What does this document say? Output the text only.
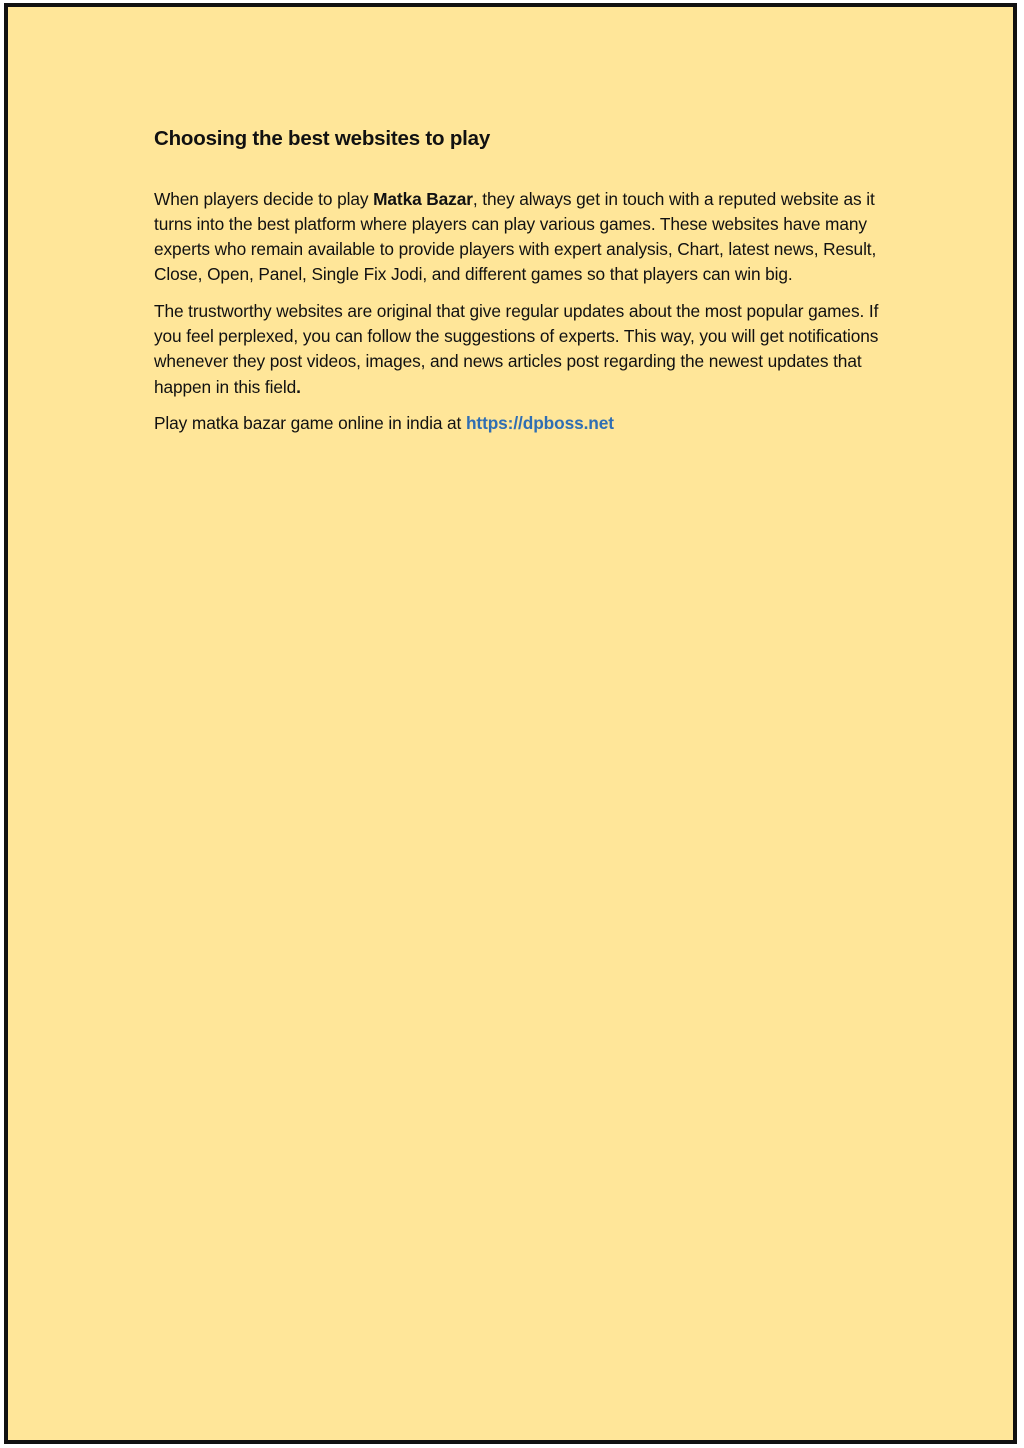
Choosing the best websites to play

When players decide to play Matka Bazar, they always get in touch with a reputed website as it turns into the best platform where players can play various games. These websites have many experts who remain available to provide players with expert analysis, Chart, latest news, Result, Close, Open, Panel, Single Fix Jodi, and different games so that players can win big.

The trustworthy websites are original that give regular updates about the most popular games. If you feel perplexed, you can follow the suggestions of experts. This way, you will get notifications whenever they post videos, images, and news articles post regarding the newest updates that happen in this field.

Play matka bazar game online in india at https://dpboss.net
